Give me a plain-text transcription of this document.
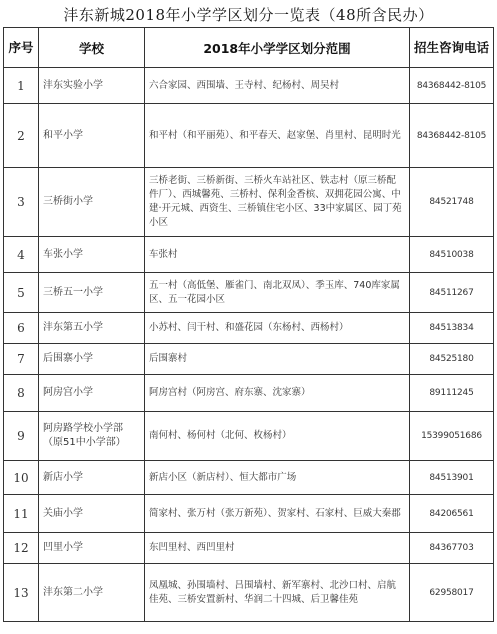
沣东新城2018年小学学区划分一览表（48所含民办）
序号	学校	2018年小学学区划分范围	招生咨询电话
1	沣东实验小学	六合家园、西围墙、王寺村、纪杨村、周吴村	84368442-8105
2	和平小学	和平村（和平丽苑）、和平春天、赵家堡、肖里村、昆明时光	84368442-8105
3	三桥街小学	三桥老街、三桥新街、三桥火车站社区、铁志村（原三桥配件厂）、西城馨苑、三桥村、保利金香槟、双拥花园公寓、中建·开元城、西资生、三桥镇住宅小区、33中家属区、园丁苑小区	84521748
4	车张小学	车张村	84510038
5	三桥五一小学	五一村（高低堡、雁雀门、南北双凤）、季玉库、740库家属区、五一花园小区	84511267
6	沣东第五小学	小苏村、闫干村、和盛花园（东杨村、西杨村）	84513834
7	后围寨小学	后围寨村	84525180
8	阿房宫小学	阿房宫村（阿房宫、府东寨、沈家寨）	89111245
9	阿房路学校小学部（原51中小学部）	南何村、杨何村（北何、枚杨村）	15399051686
10	新店小学	新店小区（新店村）、恒大都市广场	84513901
11	关庙小学	简家村、张万村（张万新苑）、贺家村、石家村、巨威大秦郡	84206561
12	凹里小学	东凹里村、西凹里村	84367703
13	沣东第二小学	凤凰城、孙围墙村、吕围墙村、新军寨村、北沙口村、启航佳苑、三桥安置新村、华润二十四城、后卫馨佳苑	62958017
